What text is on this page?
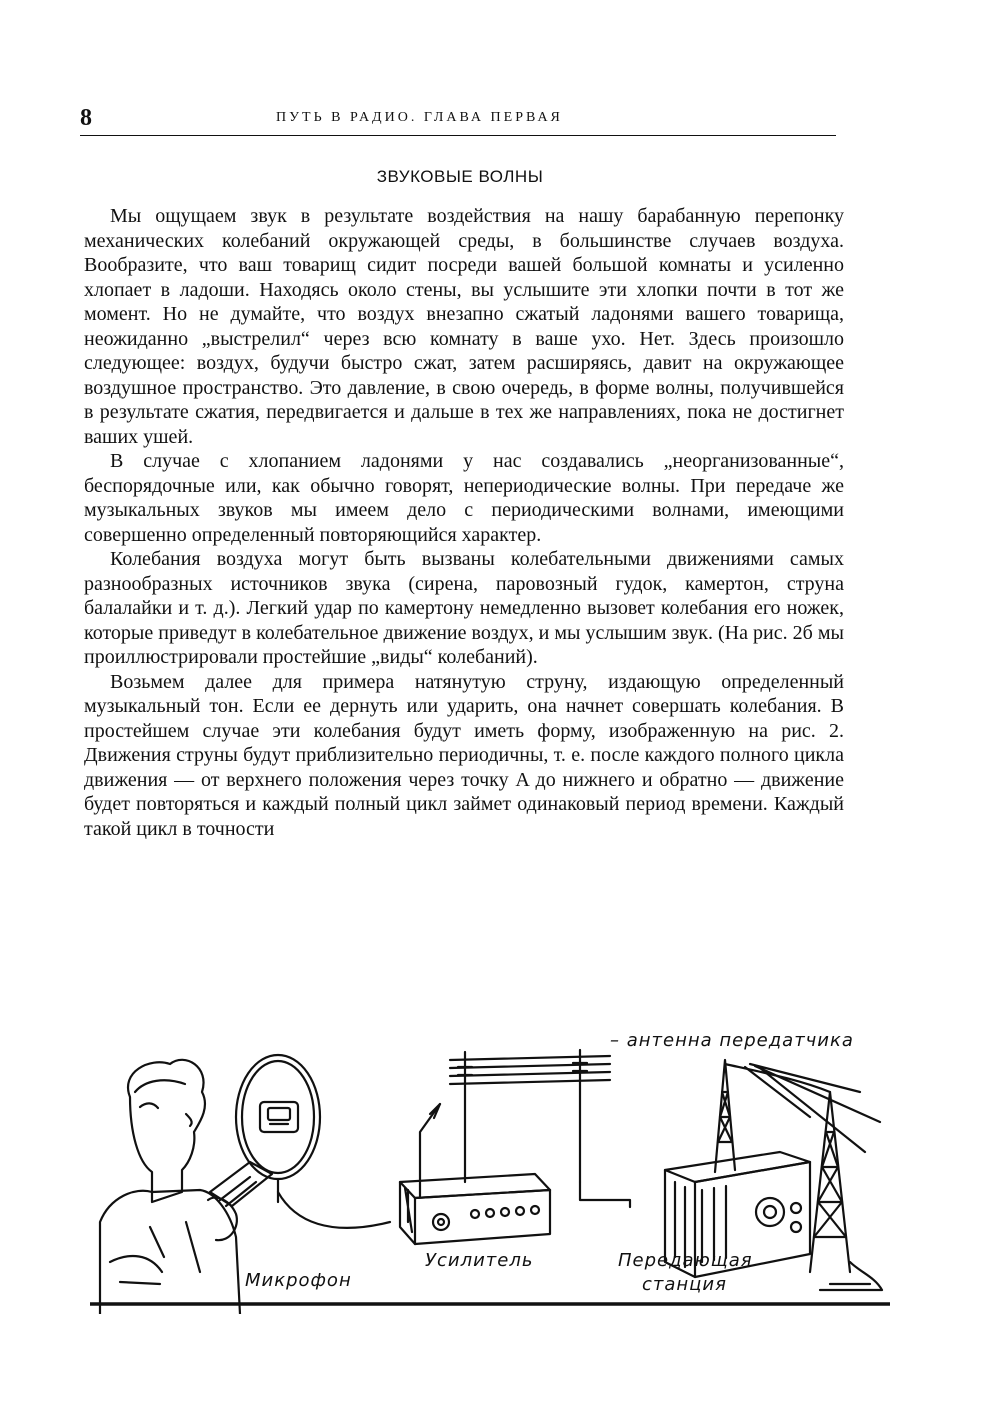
8	ПУТЬ В РАДИО. ГЛАВА ПЕРВАЯ
ЗВУКОВЫЕ ВОЛНЫ

Мы ощущаем звук в результате воздействия на нашу барабанную перепонку механических колебаний окружающей среды, в большинстве случаев воздуха. Вообразите, что ваш товарищ сидит посреди вашей большой комнаты и усиленно хлопает в ладоши. Находясь около стены, вы услышите эти хлопки почти в тот же момент. Но не думайте, что воздух внезапно сжатый ладонями вашего товарища, неожиданно „выстрелил“ через всю комнату в ваше ухо. Нет. Здесь произошло следующее: воздух, будучи быстро сжат, затем расширяясь, давит на окружающее воздушное пространство. Это давление, в свою очередь, в форме волны, получившейся в результате сжатия, передвигается и дальше в тех же направлениях, пока не достигнет ваших ушей.

В случае с хлопанием ладонями у нас создавались „неорганизованные“, беспорядочные или, как обычно говорят, непериодические волны. При передаче же музыкальных звуков мы имеем дело с периодическими волнами, имеющими совершенно определенный повторяющийся характер.

Колебания воздуха могут быть вызваны колебательными движениями самых разнообразных источников звука (сирена, паровозный гудок, камертон, струна балалайки и т. д.). Легкий удар по камертону немедленно вызовет колебания его ножек, которые приведут в колебательное движение воздух, и мы услышим звук. (На рис. 2б мы проиллюстрировали простейшие „виды“ колебаний).

Возьмем далее для примера натянутую струну, издающую определенный музыкальный тон. Если ее дернуть или ударить, она начнет совершать колебания. В простейшем случае эти колебания будут иметь форму, изображенную на рис. 2. Движения струны будут приблизительно периодичны, т. е. после каждого полного цикла движения — от верхнего положения через точку A до нижнего и обратно — движение будет повторяться и каждый полный цикл займет одинаковый период времени. Каждый такой цикл в точности

– антенна передатчика
Микрофон
Усилитель	Передающая
станция
